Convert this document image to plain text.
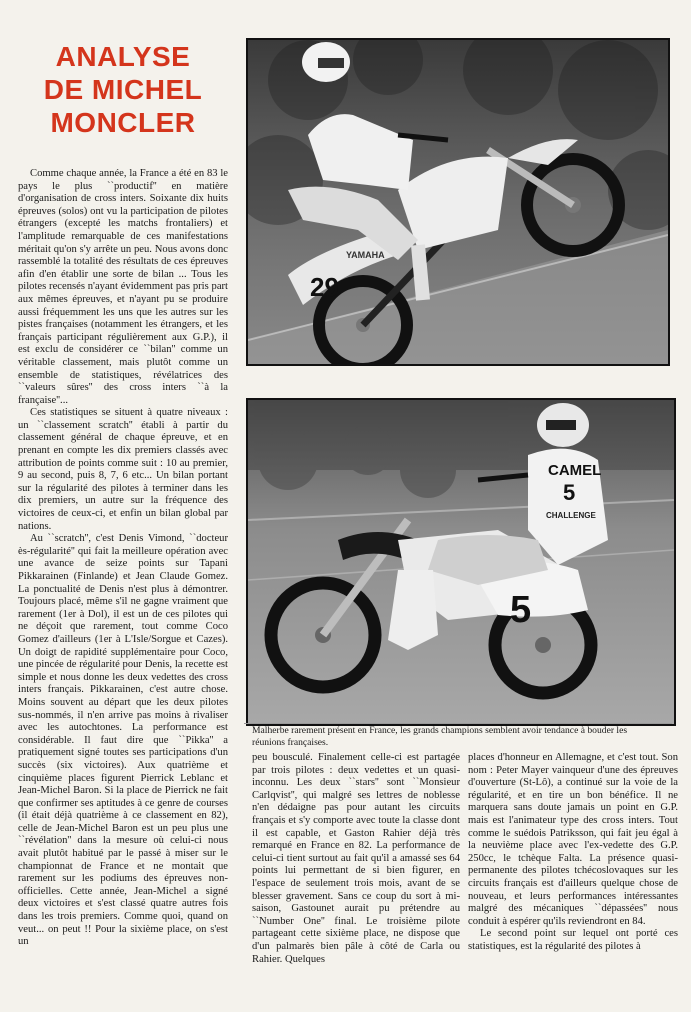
ANALYSE
DE MICHEL
MONCLER

Comme chaque année, la France a été en 83 le pays le plus ``productif'' en matière d'organisation de cross inters. Soixante dix huits épreuves (solos) ont vu la participation de pilotes étrangers (excepté les matchs frontaliers) et l'amplitude remarquable de ces manifestations méritait qu'on s'y arrête un peu. Nous avons donc rassemblé la totalité des résultats de ces épreuves afin d'en établir une sorte de bilan ... Tous les pilotes recensés n'ayant évidemment pas pris part aux mêmes épreuves, et n'ayant pu se produire aussi fréquemment les uns que les autres sur les pistes françaises (notamment les étrangers, et les français participant régulièrement aux G.P.), il est exclu de considérer ce ``bilan'' comme un véritable classement, mais plutôt comme un ensemble de statistiques, révélatrices des ``valeurs sûres'' des cross inters ``à la française''...

Ces statistiques se situent à quatre niveaux : un ``classement scratch'' établi à partir du classement général de chaque épreuve, et en prenant en compte les dix premiers classés avec attribution de points comme suit : 10 au premier, 9 au second, puis 8, 7, 6 etc... Un bilan portant sur la régularité des pilotes à terminer dans les dix premiers, un autre sur la fréquence des victoires de ceux-ci, et enfin un bilan global par nations.

Au ``scratch'', c'est Denis Vimond, ``docteur ès-régularité'' qui fait la meilleure opération avec une avance de seize points sur Tapani Pikkarainen (Finlande) et Jean Claude Gomez. La ponctualité de Denis n'est plus à démontrer. Toujours placé, même s'il ne gagne vraiment que rarement (1er à Dol), il est un de ces pilotes qui ne déçoit que rarement, tout comme Coco Gomez d'ailleurs (1er à L'Isle/Sorgue et Cazes). Un doigt de rapidité supplémentaire pour Coco, une pincée de régularité pour Denis, la recette est simple et nous donne les deux vedettes des cross inters français. Pikkarainen, c'est autre chose. Moins souvent au départ que les deux pilotes sus-nommés, il n'en arrive pas moins à rivaliser avec les autochtones. La performance est considérable. Il faut dire que ``Pikka'' a pratiquement signé toutes ses participations d'un succès (six victoires). Aux quatrième et cinquième places figurent Pierrick Leblanc et Jean-Michel Baron. Si la place de Pierrick ne fait que confirmer ses aptitudes à ce genre de courses (il était déjà quatrième à ce classement en 82), celle de Jean-Michel Baron est un peu plus une ``révélation'' dans la mesure où celui-ci nous avait plutôt habitué par le passé à miser sur le championnat de France et ne montait que rarement sur les podiums des épreuves non-officielles. Cette année, Jean-Michel a signé deux victoires et s'est classé quatre autres fois dans les trois premiers. Comme quoi, quand on veut... on peut !! Pour la sixième place, on s'est un

29
YAMAHA
5
CAMEL
5
CHALLENGE
Malherbe rarement présent en France, les grands champions semblent avoir tendance à bouder les réunions françaises.

peu bousculé. Finalement celle-ci est partagée par trois pilotes : deux vedettes et un quasi-inconnu. Les deux ``stars'' sont ``Monsieur Carlqvist'', qui malgré ses lettres de noblesse n'en dédaigne pas pour autant les circuits français et s'y comporte avec toute la classe dont il est capable, et Gaston Rahier déjà très remarqué en France en 82. La performance de celui-ci tient surtout au fait qu'il a amassé ses 64 points lui permettant de si bien figurer, en l'espace de seulement trois mois, avant de se blesser gravement. Sans ce coup du sort à mi-saison, Gastounet aurait pu prétendre au ``Number One'' final. Le troisième pilote partageant cette sixième place, ne dispose que d'un palmarès bien pâle à côté de Carla ou Rahier. Quelques

places d'honneur en Allemagne, et c'est tout. Son nom : Peter Mayer vainqueur d'une des épreuves d'ouverture (St-Lô), a continué sur la voie de la régularité, et en tire un bon bénéfice. Il ne marquera sans doute jamais un point en G.P. mais est l'animateur type des cross inters. Tout comme le suédois Patriksson, qui fait jeu égal à la neuvième place avec l'ex-vedette des G.P. 250cc, le tchèque Falta. La présence quasi-permanente des pilotes tchécoslovaques sur les circuits français est d'ailleurs quelque chose de nouveau, et leurs performances intéressantes malgré des mécaniques ``dépassées'' nous conduit à espérer qu'ils reviendront en 84.

Le second point sur lequel ont porté ces statistiques, est la régularité des pilotes à
